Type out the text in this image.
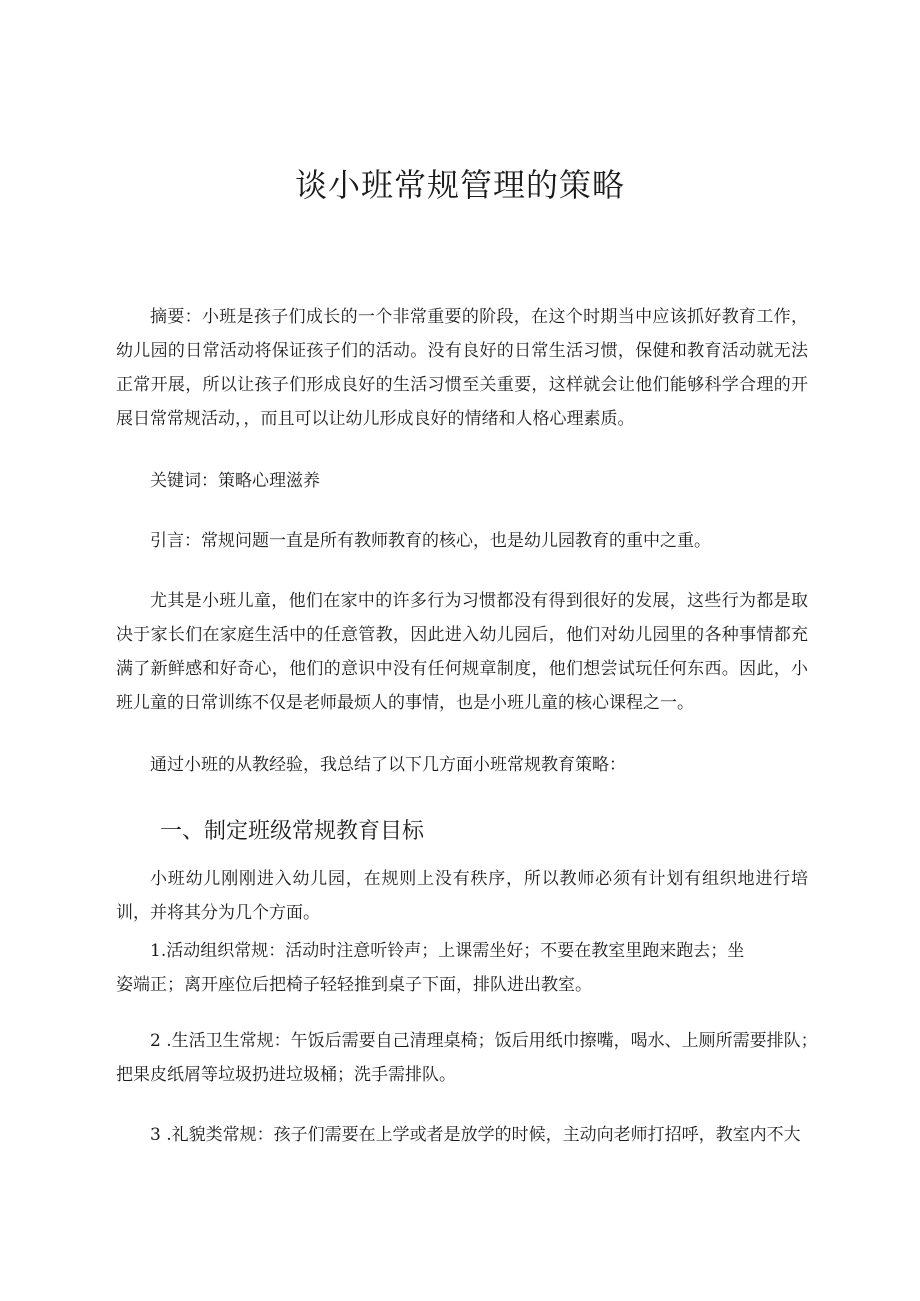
谈小班常规管理的策略

摘要：小班是孩子们成长的一个非常重要的阶段，在这个时期当中应该抓好教育工作，幼儿园的日常活动将保证孩子们的活动。没有良好的日常生活习惯，保健和教育活动就无法正常开展，所以让孩子们形成良好的生活习惯至关重要，这样就会让他们能够科学合理的开展日常常规活动，，而且可以让幼儿形成良好的情绪和人格心理素质。

关键词：策略心理滋养

引言：常规问题一直是所有教师教育的核心，也是幼儿园教育的重中之重。

尤其是小班儿童，他们在家中的许多行为习惯都没有得到很好的发展，这些行为都是取决于家长们在家庭生活中的任意管教，因此进入幼儿园后，他们对幼儿园里的各种事情都充满了新鲜感和好奇心，他们的意识中没有任何规章制度，他们想尝试玩任何东西。因此，小班儿童的日常训练不仅是老师最烦人的事情，也是小班儿童的核心课程之一。

通过小班的从教经验，我总结了以下几方面小班常规教育策略：

一、制定班级常规教育目标

小班幼儿刚刚进入幼儿园，在规则上没有秩序，所以教师必须有计划有组织地进行培训，并将其分为几个方面。

1.活动组织常规：活动时注意听铃声；上课需坐好；不要在教室里跑来跑去；坐

姿端正；离开座位后把椅子轻轻推到桌子下面，排队进出教室。

2 .生活卫生常规：午饭后需要自己清理桌椅；饭后用纸巾擦嘴，喝水、上厕所需要排队；

把果皮纸屑等垃圾扔进垃圾桶；洗手需排队。

3 .礼貌类常规：孩子们需要在上学或者是放学的时候，主动向老师打招呼，教室内不大
